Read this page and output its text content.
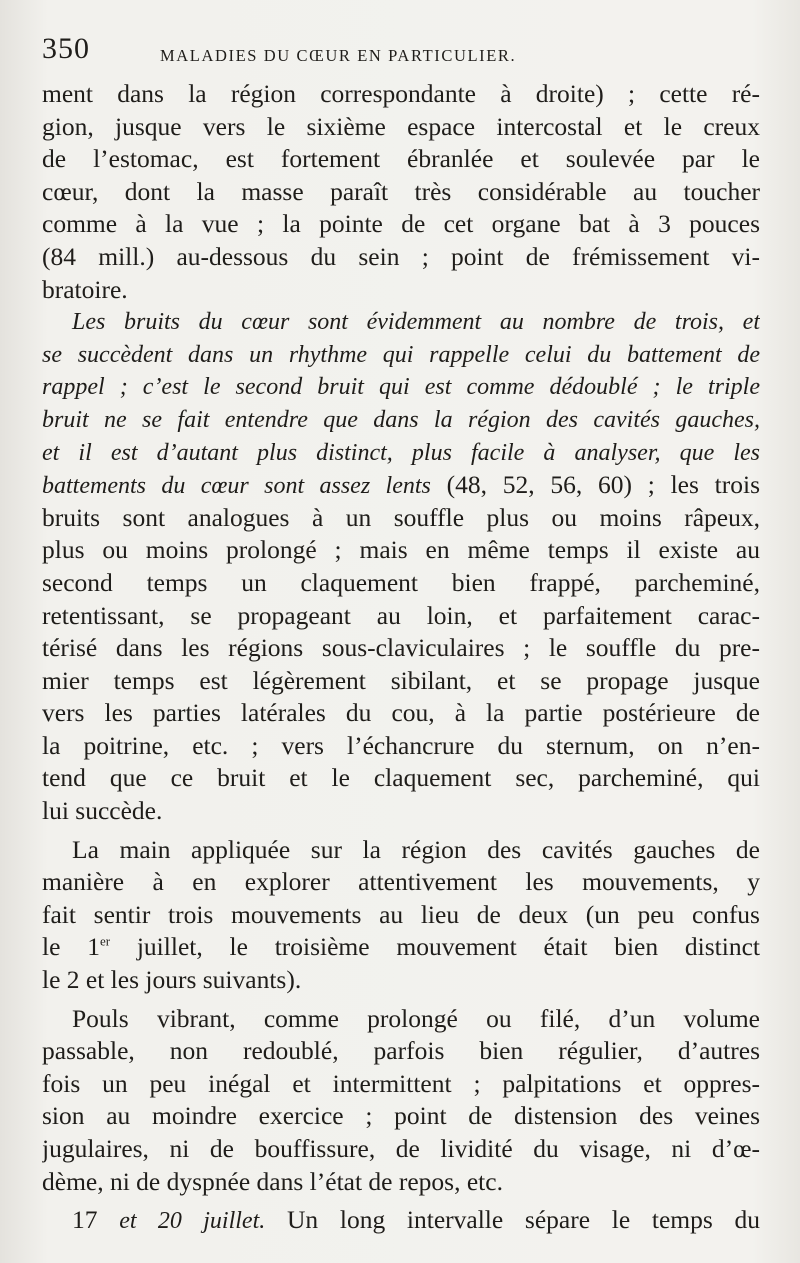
350	MALADIES DU CŒUR EN PARTICULIER.
ment dans la région correspondante à droite) ; cette ré-
gion, jusque vers le sixième espace intercostal et le creux
de l’estomac, est fortement ébranlée et soulevée par le
cœur, dont la masse paraît très considérable au toucher
comme à la vue ; la pointe de cet organe bat à 3 pouces
(84 mill.) au-dessous du sein ; point de frémissement vi-
bratoire.
Les bruits du cœur sont évidemment au nombre de trois, et
se succèdent dans un rhythme qui rappelle celui du battement de
rappel ; c’est le second bruit qui est comme dédoublé ; le triple
bruit ne se fait entendre que dans la région des cavités gauches,
et il est d’autant plus distinct, plus facile à analyser, que les
battements du cœur sont assez lents (48, 52, 56, 60) ; les trois
bruits sont analogues à un souffle plus ou moins râpeux,
plus ou moins prolongé ; mais en même temps il existe au
second temps un claquement bien frappé, parcheminé,
retentissant, se propageant au loin, et parfaitement carac-
térisé dans les régions sous-claviculaires ; le souffle du pre-
mier temps est légèrement sibilant, et se propage jusque
vers les parties latérales du cou, à la partie postérieure de
la poitrine, etc. ; vers l’échancrure du sternum, on n’en-
tend que ce bruit et le claquement sec, parcheminé, qui
lui succède.
La main appliquée sur la région des cavités gauches de
manière à en explorer attentivement les mouvements, y
fait sentir trois mouvements au lieu de deux (un peu confus
le 1er juillet, le troisième mouvement était bien distinct
le 2 et les jours suivants).
Pouls vibrant, comme prolongé ou filé, d’un volume
passable, non redoublé, parfois bien régulier, d’autres
fois un peu inégal et intermittent ; palpitations et oppres-
sion au moindre exercice ; point de distension des veines
jugulaires, ni de bouffissure, de lividité du visage, ni d’œ-
dème, ni de dyspnée dans l’état de repos, etc.
17 et 20 juillet. Un long intervalle sépare le temps du
